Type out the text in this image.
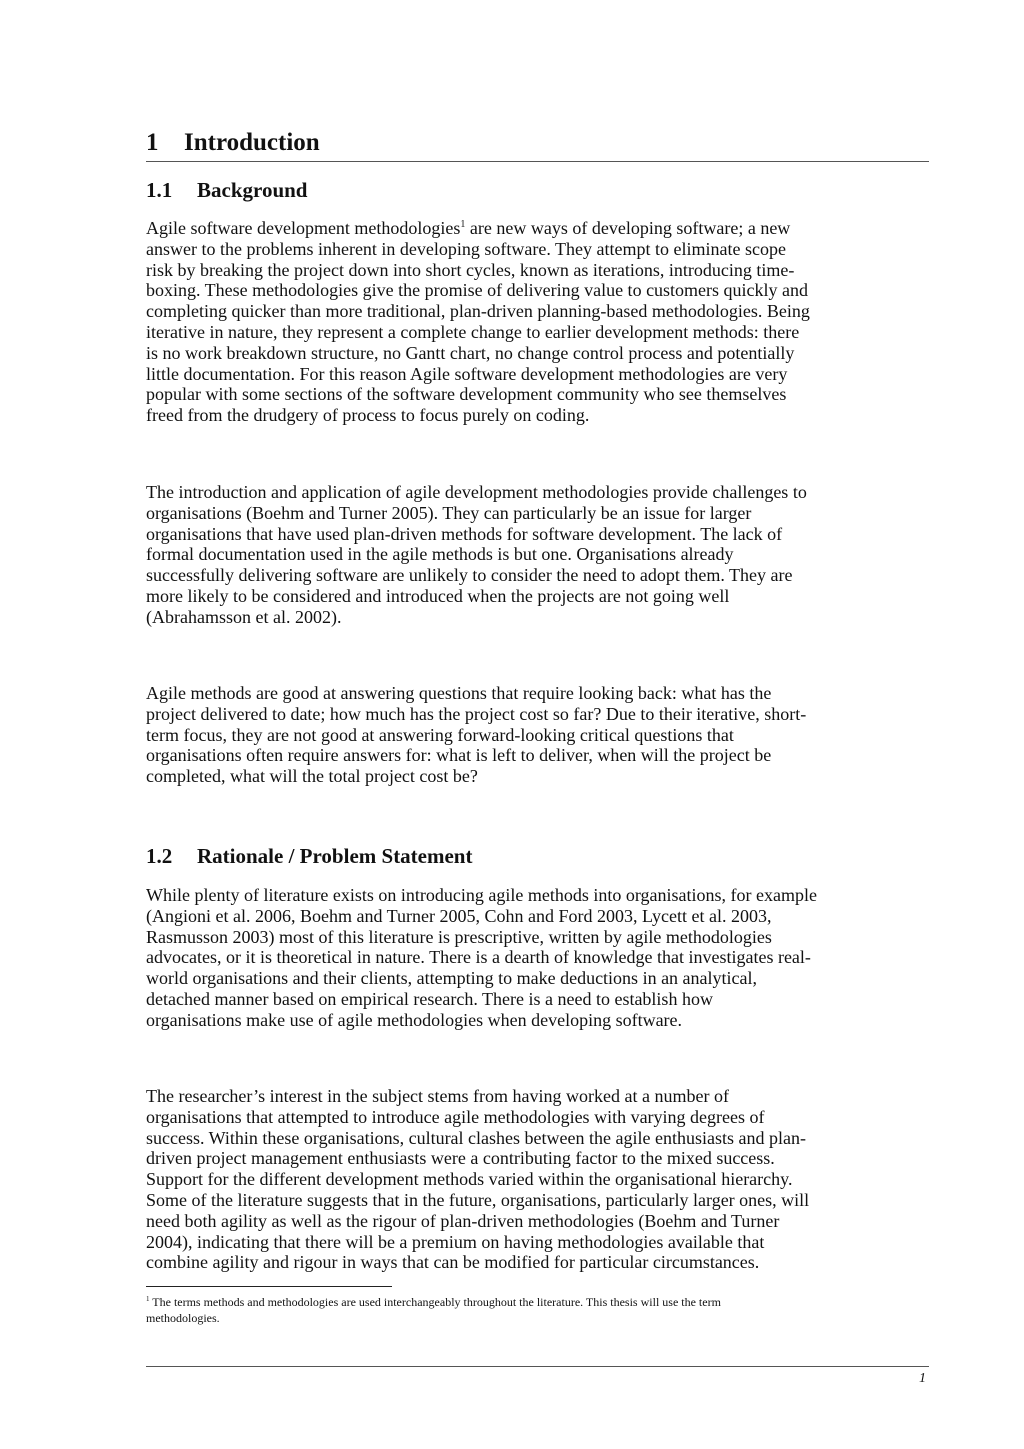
1 Introduction
1.1 Background
Agile software development methodologies$^1$ are new ways of developing software; a new
answer to the problems inherent in developing software. They attempt to eliminate scope
risk by breaking the project down into short cycles, known as iterations, introducing time-
boxing. These methodologies give the promise of delivering value to customers quickly and
completing quicker than more traditional, plan-driven planning-based methodologies. Being
iterative in nature, they represent a complete change to earlier development methods: there
is no work breakdown structure, no Gantt chart, no change control process and potentially
little documentation. For this reason Agile software development methodologies are very
popular with some sections of the software development community who see themselves
freed from the drudgery of process to focus purely on coding.
The introduction and application of agile development methodologies provide challenges to
organisations (Boehm and Turner 2005). They can particularly be an issue for larger
organisations that have used plan-driven methods for software development. The lack of
formal documentation used in the agile methods is but one. Organisations already
successfully delivering software are unlikely to consider the need to adopt them. They are
more likely to be considered and introduced when the projects are not going well
(Abrahamsson et al. 2002).
Agile methods are good at answering questions that require looking back: what has the
project delivered to date; how much has the project cost so far? Due to their iterative, short-
term focus, they are not good at answering forward-looking critical questions that
organisations often require answers for: what is left to deliver, when will the project be
completed, what will the total project cost be?
1.2 Rationale / Problem Statement
While plenty of literature exists on introducing agile methods into organisations, for example
(Angioni et al. 2006, Boehm and Turner 2005, Cohn and Ford 2003, Lycett et al. 2003,
Rasmusson 2003) most of this literature is prescriptive, written by agile methodologies
advocates, or it is theoretical in nature. There is a dearth of knowledge that investigates real-
world organisations and their clients, attempting to make deductions in an analytical,
detached manner based on empirical research. There is a need to establish how
organisations make use of agile methodologies when developing software.
The researcher’s interest in the subject stems from having worked at a number of
organisations that attempted to introduce agile methodologies with varying degrees of
success. Within these organisations, cultural clashes between the agile enthusiasts and plan-
driven project management enthusiasts were a contributing factor to the mixed success.
Support for the different development methods varied within the organisational hierarchy.
Some of the literature suggests that in the future, organisations, particularly larger ones, will
need both agility as well as the rigour of plan-driven methodologies (Boehm and Turner
2004), indicating that there will be a premium on having methodologies available that
combine agility and rigour in ways that can be modified for particular circumstances.
$^1$ The terms methods and methodologies are used interchangeably throughout the literature. This thesis will use the term
methodologies.
1
